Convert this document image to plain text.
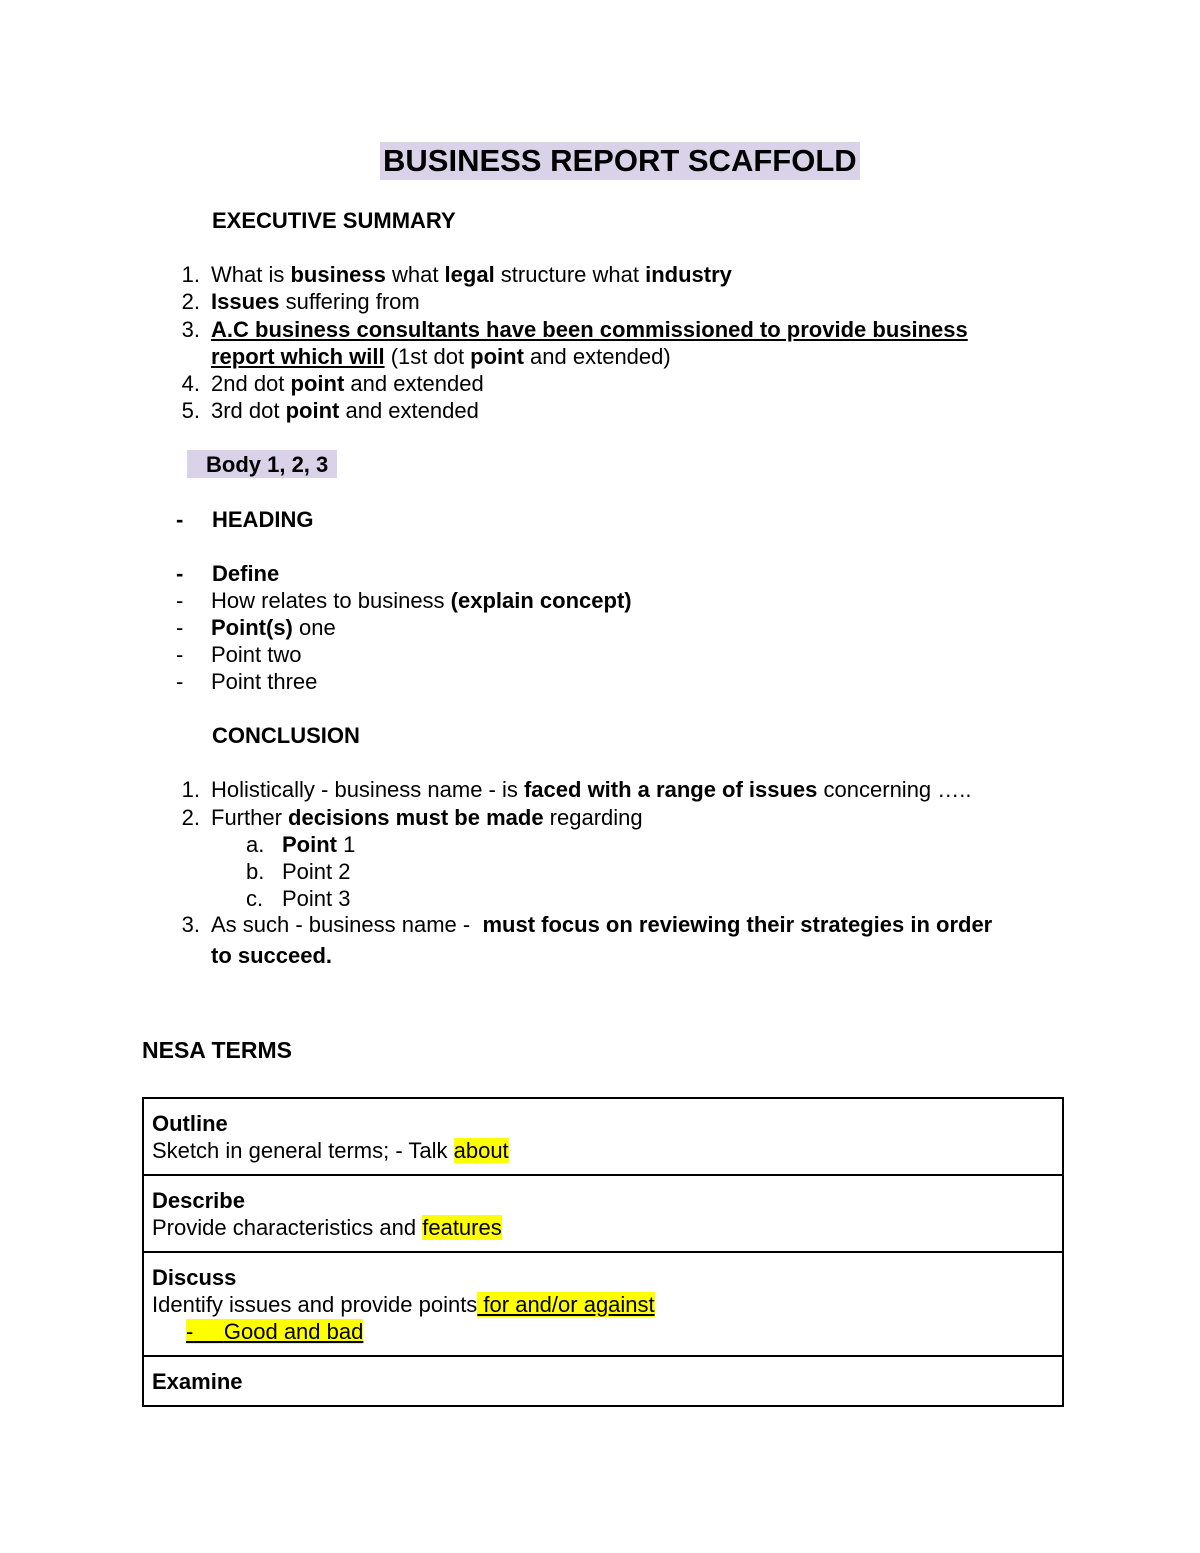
BUSINESS REPORT SCAFFOLD
EXECUTIVE SUMMARY
1. What is business what legal structure what industry
2. Issues suffering from
3. A.C business consultants have been commissioned to provide business
report which will (1st dot point and extended)
4. 2nd dot point and extended
5. 3rd dot point and extended
Body 1, 2, 3
- HEADING
- Define
- How relates to business (explain concept)
- Point(s) one
- Point two
- Point three
CONCLUSION
1. Holistically - business name - is faced with a range of issues concerning …..
2. Further decisions must be made regarding
a. Point 1
b. Point 2
c. Point 3
3. As such - business name -  must focus on reviewing their strategies in order
to succeed.
NESA TERMS
Outline
Sketch in general terms; - Talk about
Describe
Provide characteristics and features
Discuss
Identify issues and provide points for and/or against
- Good and bad
Examine
